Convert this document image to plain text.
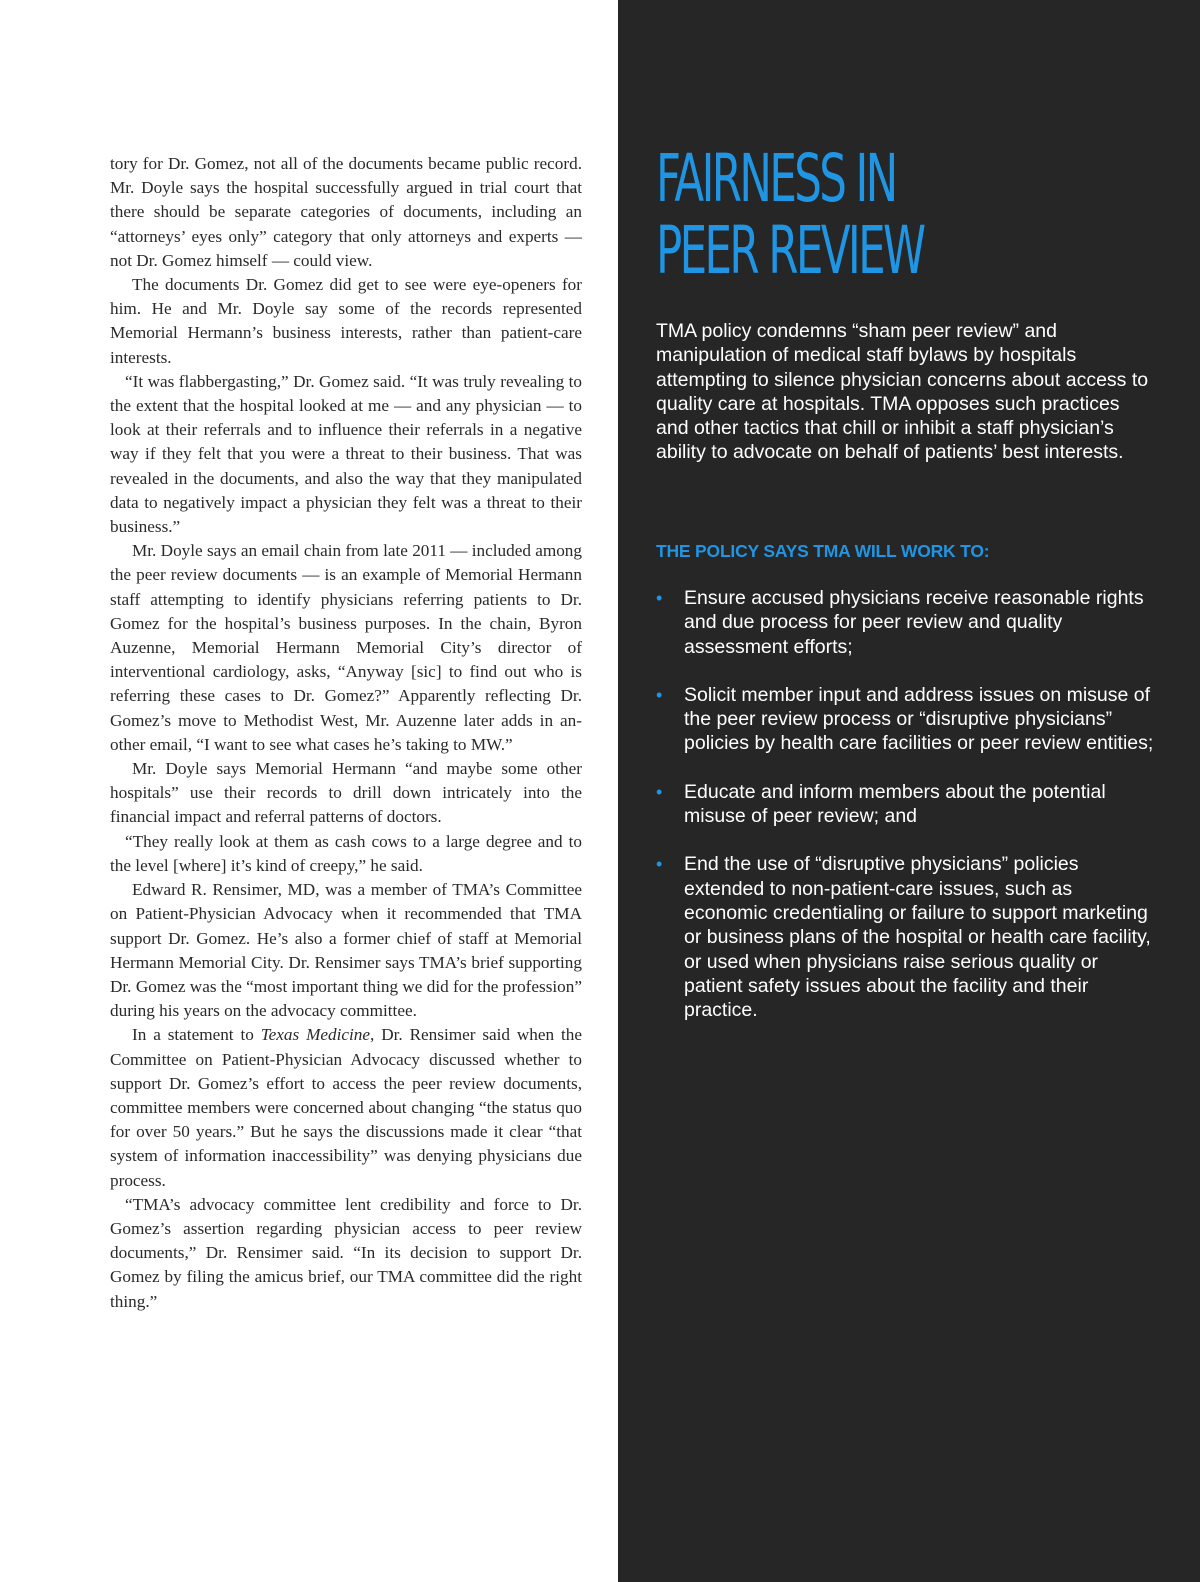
tory for Dr. Gomez, not all of the documents became public record. Mr. Doyle says the hospital successfully argued in trial court that there should be separate categories of documents, including an “attorneys’ eyes only” category that only attorneys and experts — not Dr. Gomez himself — could view.

The documents Dr. Gomez did get to see were eye-openers for him. He and Mr. Doyle say some of the records represented Memorial Hermann’s business interests, rather than patient-care interests.

“It was flabbergasting,” Dr. Gomez said. “It was truly revealing to the extent that the hospital looked at me — and any physician — to look at their referrals and to influence their referrals in a negative way if they felt that you were a threat to their business. That was revealed in the documents, and also the way that they manipulated data to negatively impact a physician they felt was a threat to their business.”

Mr. Doyle says an email chain from late 2011 — included among the peer review documents — is an example of Memorial Hermann staff attempting to identify physicians referring patients to Dr. Gomez for the hospital’s business purposes. In the chain, Byron Auzenne, Memorial Hermann Memorial City’s director of interventional cardiology, asks, “Anyway [sic] to find out who is referring these cases to Dr. Gomez?” Apparently reflecting Dr. Gomez’s move to Methodist West, Mr. Auzenne later adds in another email, “I want to see what cases he’s taking to MW.”

Mr. Doyle says Memorial Hermann “and maybe some other hospitals” use their records to drill down intricately into the financial impact and referral patterns of doctors.

“They really look at them as cash cows to a large degree and to the level [where] it’s kind of creepy,” he said.

Edward R. Rensimer, MD, was a member of TMA’s Committee on Patient-Physician Advocacy when it recommended that TMA support Dr. Gomez. He’s also a former chief of staff at Memorial Hermann Memorial City. Dr. Rensimer says TMA’s brief supporting Dr. Gomez was the “most important thing we did for the profession” during his years on the advocacy committee.

In a statement to Texas Medicine, Dr. Rensimer said when the Committee on Patient-Physician Advocacy discussed whether to support Dr. Gomez’s effort to access the peer review documents, committee members were concerned about changing “the status quo for over 50 years.” But he says the discussions made it clear “that system of information inaccessibility” was denying physicians due process.

“TMA’s advocacy committee lent credibility and force to Dr. Gomez’s assertion regarding physician access to peer review documents,” Dr. Rensimer said. “In its decision to support Dr. Gomez by filing the amicus brief, our TMA committee did the right thing.”

FAIRNESS IN
PEER REVIEW

TMA policy condemns “sham peer review” and manipulation of medical staff bylaws by hospitals attempting to silence physician concerns about access to quality care at hospitals. TMA opposes such practices and other tactics that chill or inhibit a staff physician’s ability to advocate on behalf of patients’ best interests.

THE POLICY SAYS TMA WILL WORK TO:
• Ensure accused physicians receive reasonable rights and due process for peer review and quality assessment efforts;
• Solicit member input and address issues on misuse of the peer review process or “disruptive physicians” policies by health care facilities or peer review entities;
• Educate and inform members about the potential misuse of peer review; and
• End the use of “disruptive physicians” policies extended to non-patient-care issues, such as economic credentialing or failure to support marketing or business plans of the hospital or health care facility, or used when physicians raise serious quality or patient safety issues about the facility and their practice.
